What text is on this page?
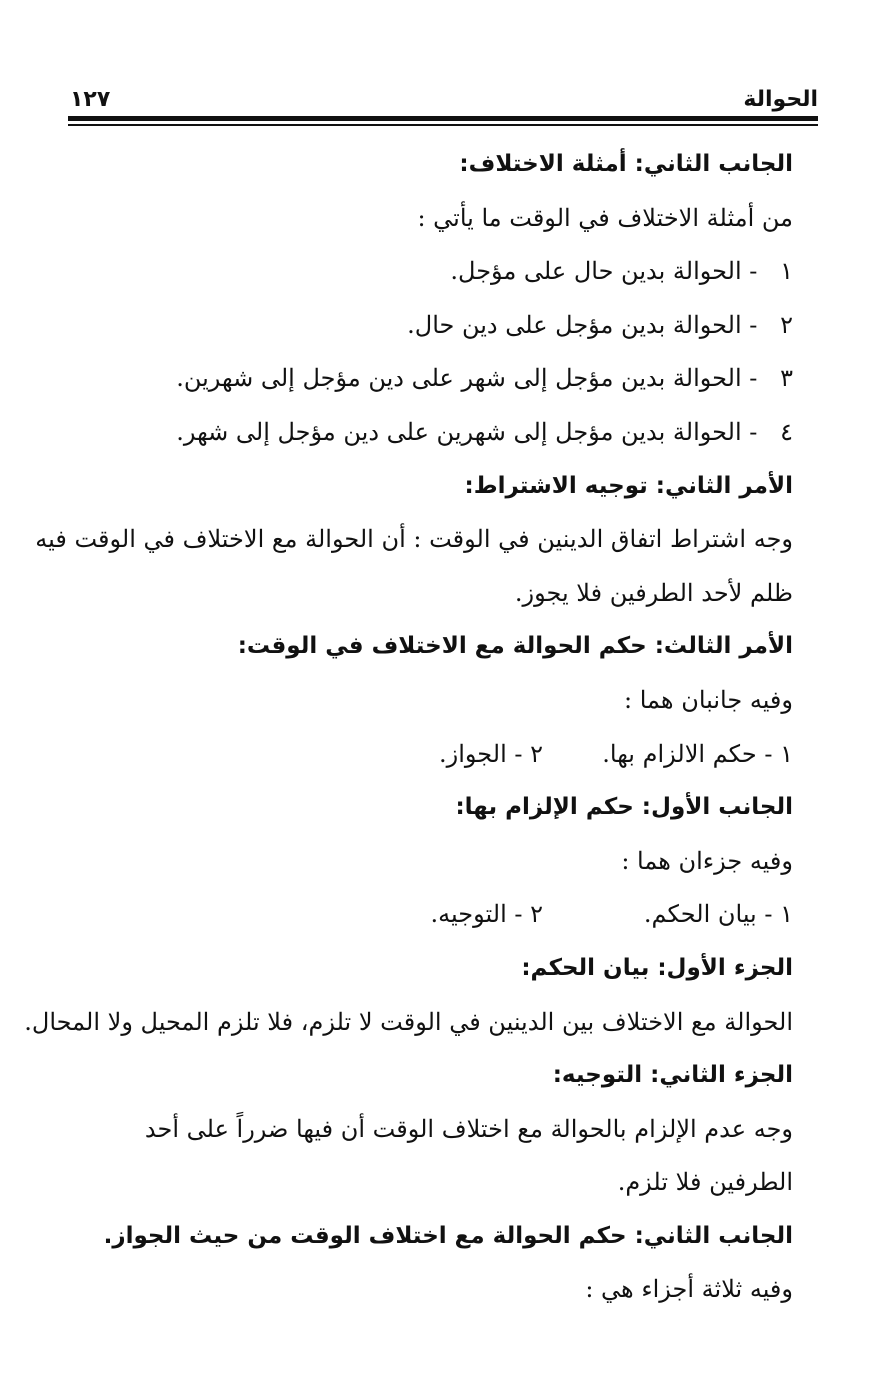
الحوالة
١٢٧
الجانب الثاني: أمثلة الاختلاف:
من أمثلة الاختلاف في الوقت ما يأتي :
١ - الحوالة بدين حال على مؤجل.
٢ - الحوالة بدين مؤجل على دين حال.
٣ - الحوالة بدين مؤجل إلى شهر على دين مؤجل إلى شهرين.
٤ - الحوالة بدين مؤجل إلى شهرين على دين مؤجل إلى شهر.
الأمر الثاني: توجيه الاشتراط:
وجه اشتراط اتفاق الدينين في الوقت : أن الحوالة مع الاختلاف في الوقت فيه
ظلم لأحد الطرفين فلا يجوز.
الأمر الثالث: حكم الحوالة مع الاختلاف في الوقت:
وفيه جانبان هما :
١ - حكم الالزام بها.
٢ - الجواز.
الجانب الأول: حكم الإلزام بها:
وفيه جزءان هما :
١ - بيان الحكم.
٢ - التوجيه.
الجزء الأول: بيان الحكم:
الحوالة مع الاختلاف بين الدينين في الوقت لا تلزم، فلا تلزم المحيل ولا المحال.
الجزء الثاني: التوجيه:
وجه عدم الإلزام بالحوالة مع اختلاف الوقت أن فيها ضرراً على أحد
الطرفين فلا تلزم.
الجانب الثاني: حكم الحوالة مع اختلاف الوقت من حيث الجواز.
وفيه ثلاثة أجزاء هي :
